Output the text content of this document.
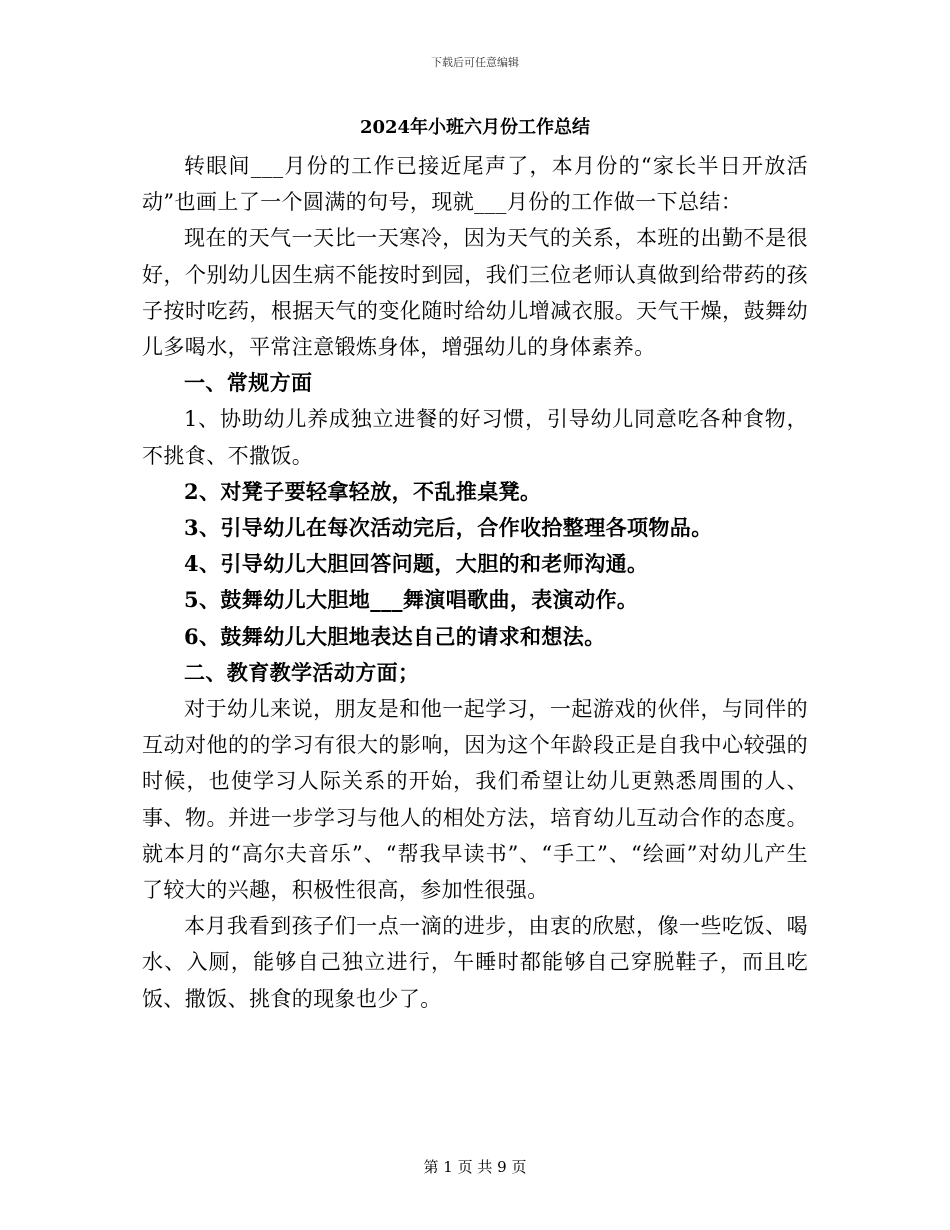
下载后可任意编辑
2024年小班六月份工作总结

转眼间___月份的工作已接近尾声了，本月份的“家长半日开放活动”也画上了一个圆满的句号，现就___月份的工作做一下总结：

现在的天气一天比一天寒冷，因为天气的关系，本班的出勤不是很好，个别幼儿因生病不能按时到园，我们三位老师认真做到给带药的孩子按时吃药，根据天气的变化随时给幼儿增减衣服。天气干燥，鼓舞幼儿多喝水，平常注意锻炼身体，增强幼儿的身体素养。

一、常规方面

1、协助幼儿养成独立进餐的好习惯，引导幼儿同意吃各种食物，不挑食、不撒饭。

2、对凳子要轻拿轻放，不乱推桌凳。

3、引导幼儿在每次活动完后，合作收拾整理各项物品。

4、引导幼儿大胆回答问题，大胆的和老师沟通。

5、鼓舞幼儿大胆地___舞演唱歌曲，表演动作。

6、鼓舞幼儿大胆地表达自己的请求和想法。

二、教育教学活动方面；

对于幼儿来说，朋友是和他一起学习，一起游戏的伙伴，与同伴的互动对他的的学习有很大的影响，因为这个年龄段正是自我中心较强的时候，也使学习人际关系的开始，我们希望让幼儿更熟悉周围的人、事、物。并进一步学习与他人的相处方法，培育幼儿互动合作的态度。就本月的“高尔夫音乐”、“帮我早读书”、“手工”、“绘画”对幼儿产生了较大的兴趣，积极性很高，参加性很强。

本月我看到孩子们一点一滴的进步，由衷的欣慰，像一些吃饭、喝水、入厕，能够自己独立进行，午睡时都能够自己穿脱鞋子，而且吃饭、撒饭、挑食的现象也少了。

第 1 页 共 9 页
